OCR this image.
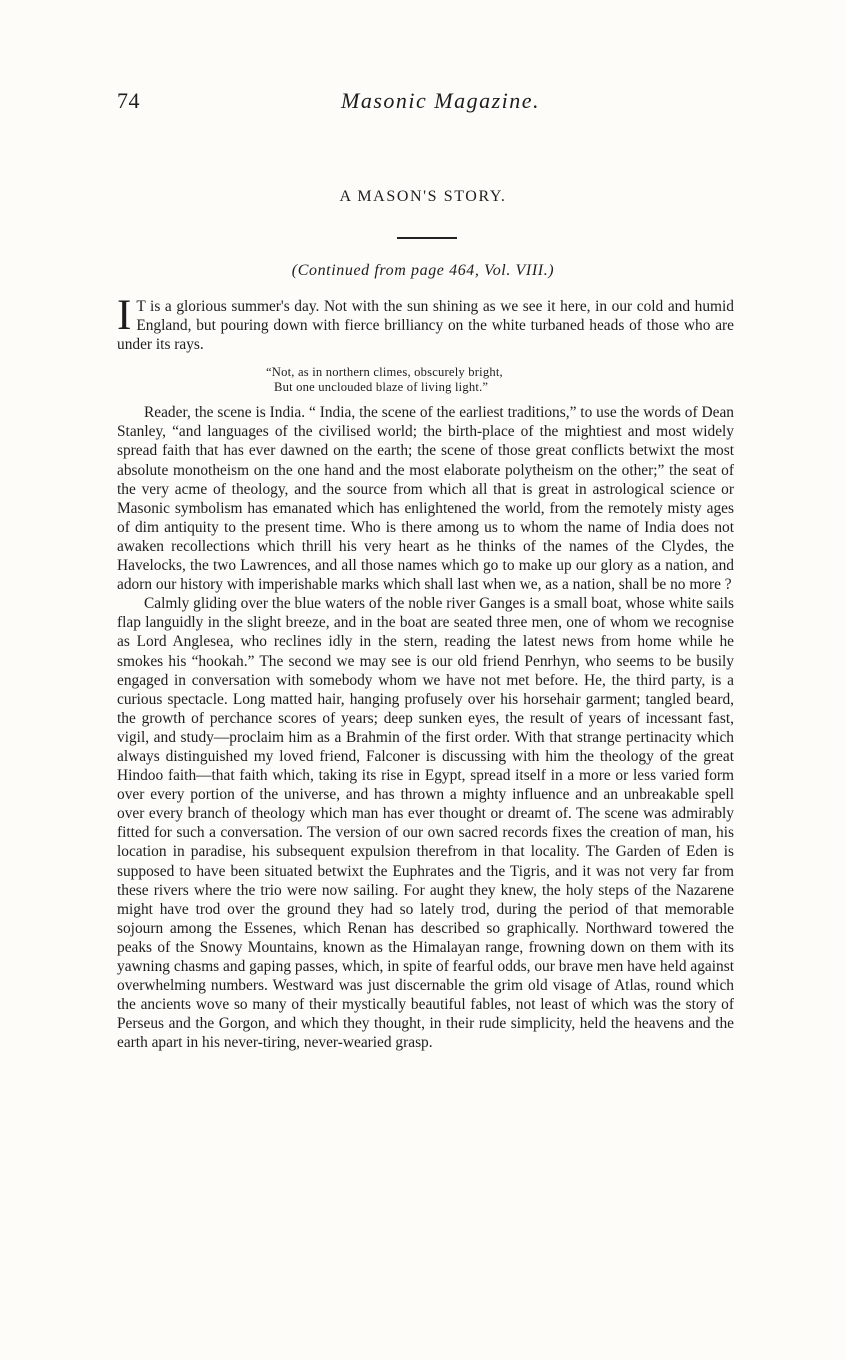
74	Masonic Magazine.
A MASON'S STORY.
(Continued from page 464, Vol. VIII.)

I T is a glorious summer's day. Not with the sun shining as we see it here, in our cold and humid England, but pouring down with fierce brilliancy on the white turbaned heads of those who are under its rays.

“Not, as in northern climes, obscurely bright,
But one unclouded blaze of living light.”

Reader, the scene is India. “ India, the scene of the earliest traditions,” to use the words of Dean Stanley, “and languages of the civilised world; the birth-place of the mightiest and most widely spread faith that has ever dawned on the earth; the scene of those great conflicts betwixt the most absolute monotheism on the one hand and the most elaborate polytheism on the other;” the seat of the very acme of theology, and the source from which all that is great in astrological science or Masonic symbolism has emanated which has enlightened the world, from the remotely misty ages of dim antiquity to the present time. Who is there among us to whom the name of India does not awaken recollections which thrill his very heart as he thinks of the names of the Clydes, the Havelocks, the two Lawrences, and all those names which go to make up our glory as a nation, and adorn our history with imperishable marks which shall last when we, as a nation, shall be no more ?

Calmly gliding over the blue waters of the noble river Ganges is a small boat, whose white sails flap languidly in the slight breeze, and in the boat are seated three men, one of whom we recognise as Lord Anglesea, who reclines idly in the stern, reading the latest news from home while he smokes his “hookah.” The second we may see is our old friend Penrhyn, who seems to be busily engaged in conversation with somebody whom we have not met before. He, the third party, is a curious spectacle. Long matted hair, hanging profusely over his horsehair garment; tangled beard, the growth of perchance scores of years; deep sunken eyes, the result of years of incessant fast, vigil, and study—proclaim him as a Brahmin of the first order. With that strange pertinacity which always distinguished my loved friend, Falconer is discussing with him the theology of the great Hindoo faith—that faith which, taking its rise in Egypt, spread itself in a more or less varied form over every portion of the universe, and has thrown a mighty influence and an unbreakable spell over every branch of theology which man has ever thought or dreamt of. The scene was admirably fitted for such a conversation. The version of our own sacred records fixes the creation of man, his location in paradise, his subsequent expulsion therefrom in that locality. The Garden of Eden is supposed to have been situated betwixt the Euphrates and the Tigris, and it was not very far from these rivers where the trio were now sailing. For aught they knew, the holy steps of the Nazarene might have trod over the ground they had so lately trod, during the period of that memorable sojourn among the Essenes, which Renan has described so graphically. Northward towered the peaks of the Snowy Mountains, known as the Himalayan range, frowning down on them with its yawning chasms and gaping passes, which, in spite of fearful odds, our brave men have held against overwhelming numbers. Westward was just discernable the grim old visage of Atlas, round which the ancients wove so many of their mystically beautiful fables, not least of which was the story of Perseus and the Gorgon, and which they thought, in their rude simplicity, held the heavens and the earth apart in his never-tiring, never-wearied grasp.
